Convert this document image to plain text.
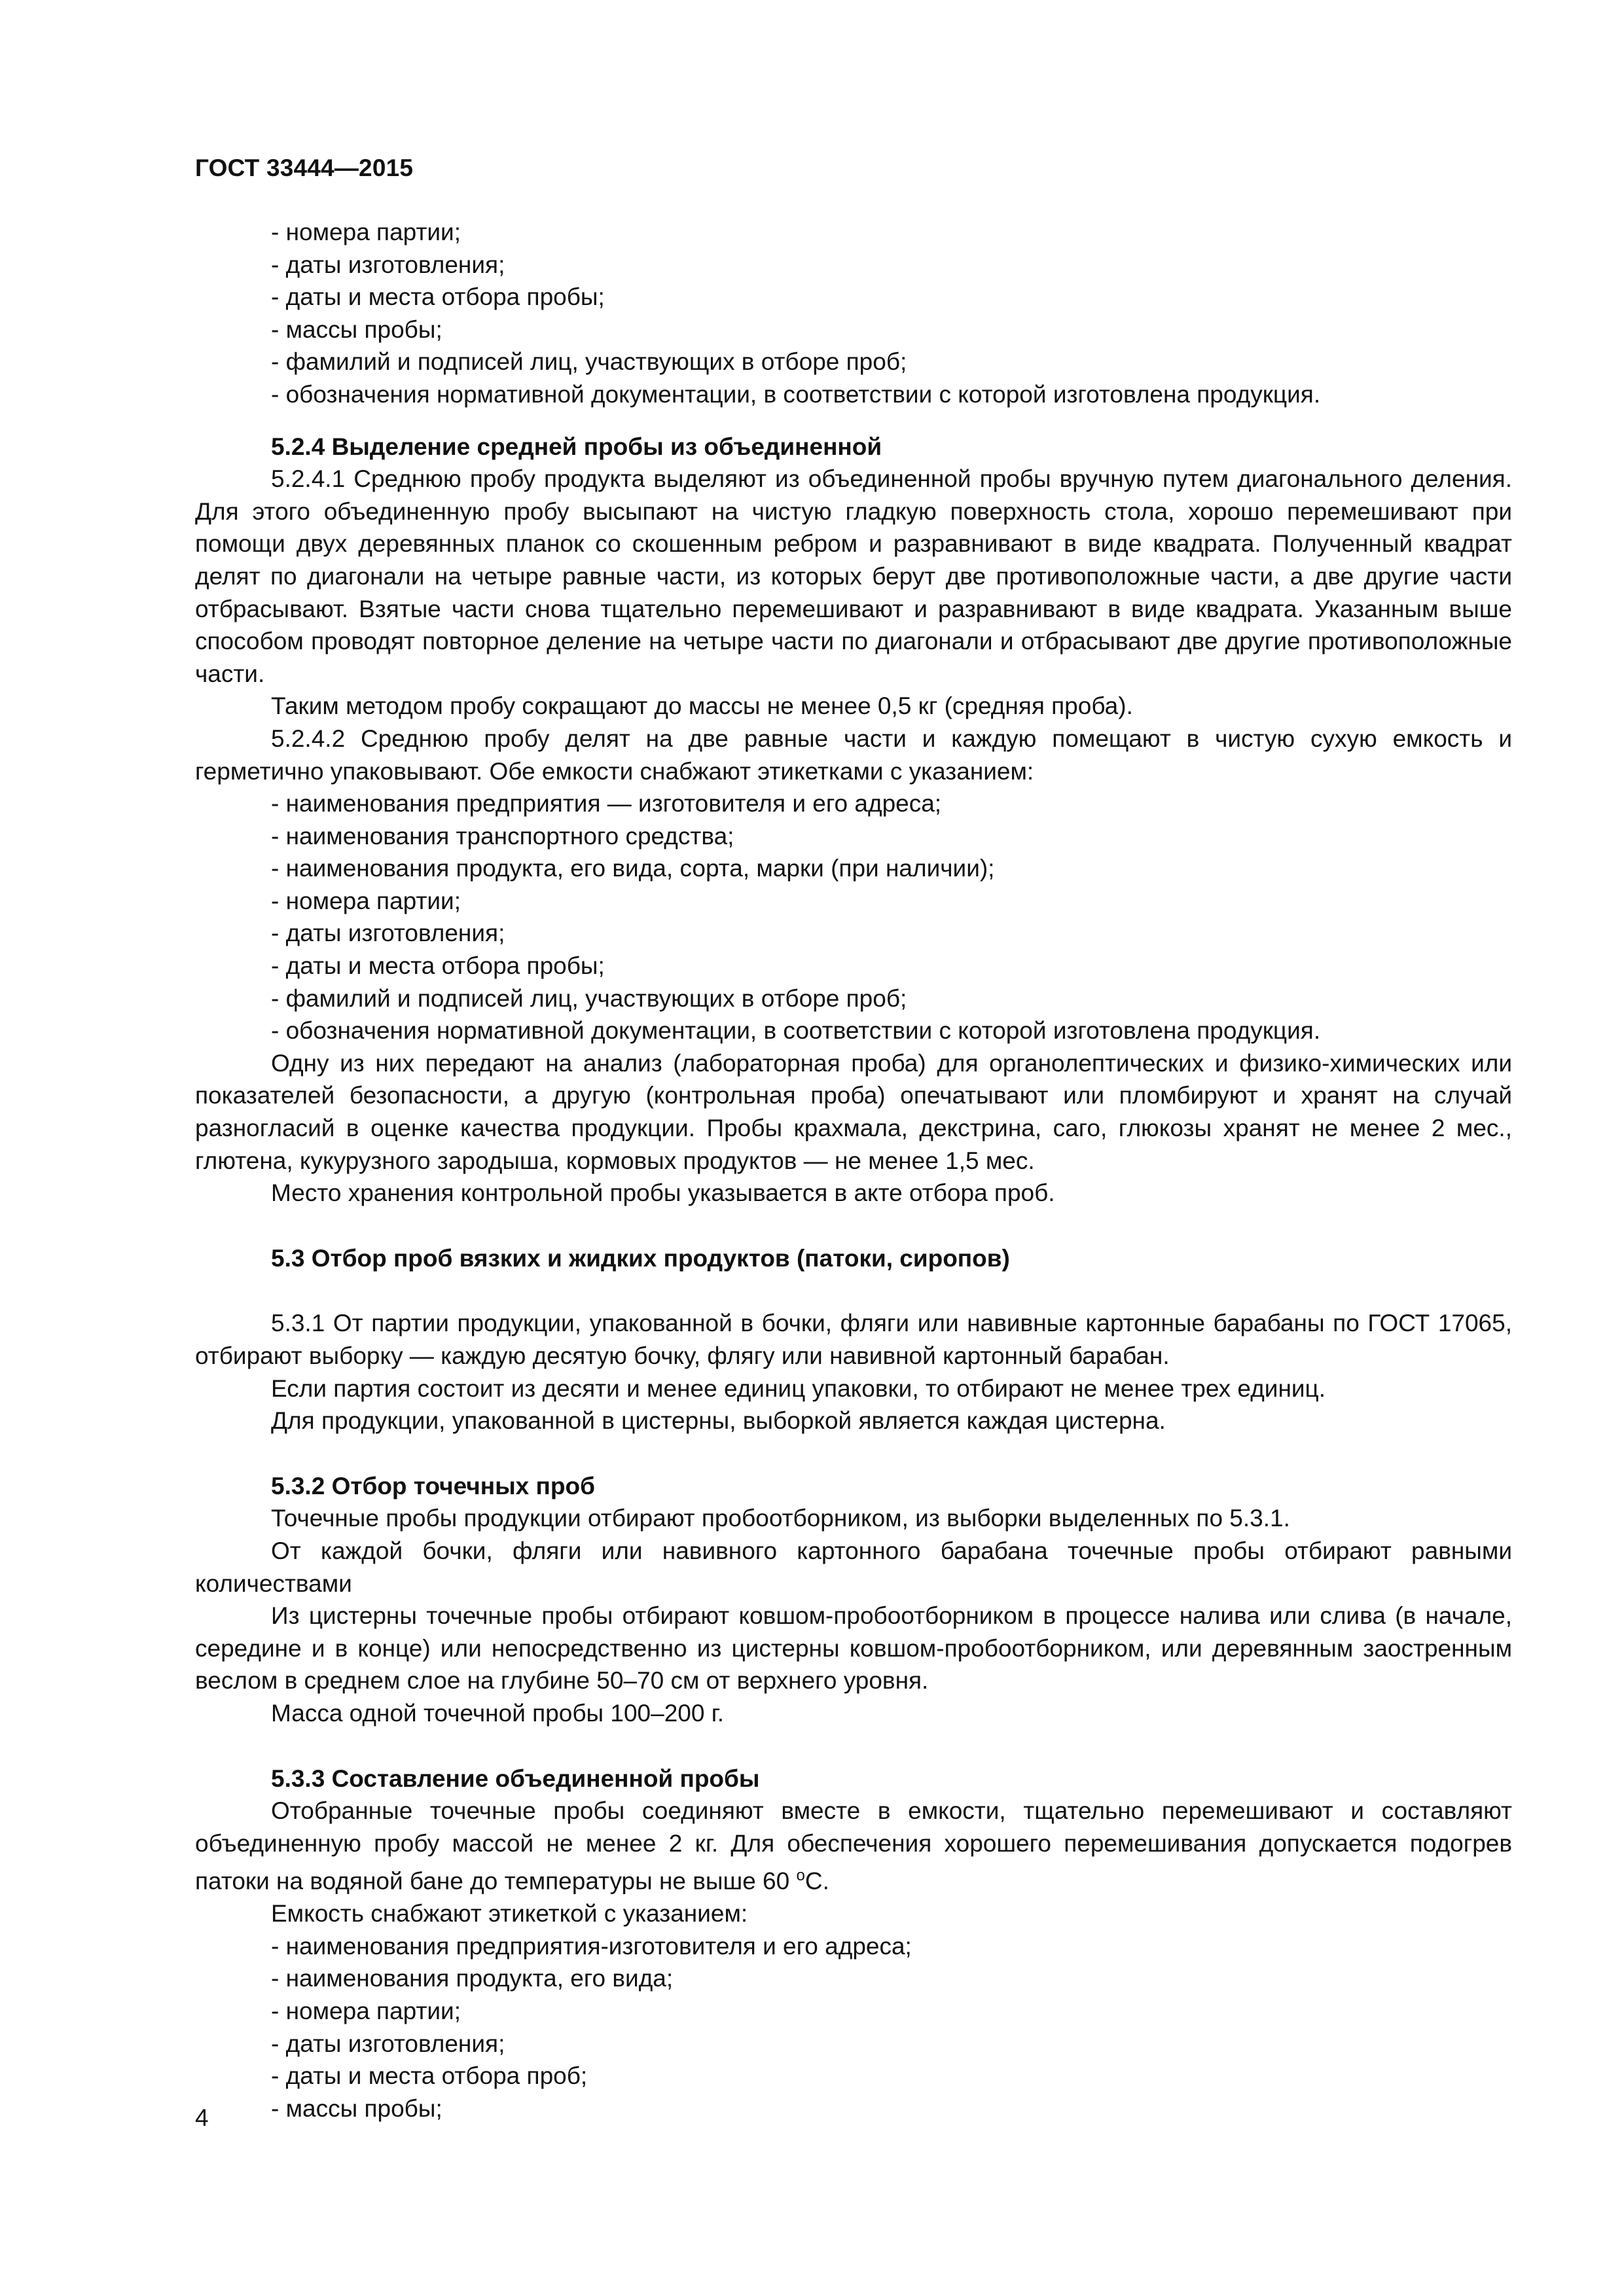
ГОСТ 33444—2015
- номера партии;
- даты изготовления;
- даты и места отбора пробы;
- массы пробы;
- фамилий и подписей лиц, участвующих в отборе проб;
- обозначения нормативной документации, в соответствии с которой изготовлена продукция.
5.2.4 Выделение средней пробы из объединенной
5.2.4.1 Среднюю пробу продукта выделяют из объединенной пробы вручную путем диагонального деления. Для этого объединенную пробу высыпают на чистую гладкую поверхность стола, хорошо перемешивают при помощи двух деревянных планок со скошенным ребром и разравнивают в виде квадрата. Полученный квадрат делят по диагонали на четыре равные части, из которых берут две противоположные части, а две другие части отбрасывают. Взятые части снова тщательно перемешивают и разравнивают в виде квадрата. Указанным выше способом проводят повторное деление на четыре части по диагонали и отбрасывают две другие противоположные части.
Таким методом пробу сокращают до массы не менее 0,5 кг (средняя проба).
5.2.4.2 Среднюю пробу делят на две равные части и каждую помещают в чистую сухую емкость и герметично упаковывают. Обе емкости снабжают этикетками с указанием:
- наименования предприятия — изготовителя и его адреса;
- наименования транспортного средства;
- наименования продукта, его вида, сорта, марки (при наличии);
- номера партии;
- даты изготовления;
- даты и места отбора пробы;
- фамилий и подписей лиц, участвующих в отборе проб;
- обозначения нормативной документации, в соответствии с которой изготовлена продукция.
Одну из них передают на анализ (лабораторная проба) для органолептических и физико-химических или показателей безопасности, а другую (контрольная проба) опечатывают или пломбируют и хранят на случай разногласий в оценке качества продукции. Пробы крахмала, декстрина, саго, глюкозы хранят не менее 2 мес., глютена, кукурузного зародыша, кормовых продуктов — не менее 1,5 мес.
Место хранения контрольной пробы указывается в акте отбора проб.
5.3 Отбор проб вязких и жидких продуктов (патоки, сиропов)
5.3.1 От партии продукции, упакованной в бочки, фляги или навивные картонные барабаны по ГОСТ 17065, отбирают выборку — каждую десятую бочку, флягу или навивной картонный барабан.
Если партия состоит из десяти и менее единиц упаковки, то отбирают не менее трех единиц.
Для продукции, упакованной в цистерны, выборкой является каждая цистерна.
5.3.2 Отбор точечных проб
Точечные пробы продукции отбирают пробоотборником, из выборки выделенных по 5.3.1.
От каждой бочки, фляги или навивного картонного барабана точечные пробы отбирают равными количествами
Из цистерны точечные пробы отбирают ковшом-пробоотборником в процессе налива или слива (в начале, середине и в конце) или непосредственно из цистерны ковшом-пробоотборником, или деревянным заостренным веслом в среднем слое на глубине 50–70 см от верхнего уровня.
Масса одной точечной пробы 100–200 г.
5.3.3 Составление объединенной пробы
Отобранные точечные пробы соединяют вместе в емкости, тщательно перемешивают и составляют объединенную пробу массой не менее 2 кг. Для обеспечения хорошего перемешивания допускается подогрев патоки на водяной бане до температуры не выше 60 $^o$C.
Емкость снабжают этикеткой с указанием:
- наименования предприятия-изготовителя и его адреса;
- наименования продукта, его вида;
- номера партии;
- даты изготовления;
- даты и места отбора проб;
- массы пробы;
4
